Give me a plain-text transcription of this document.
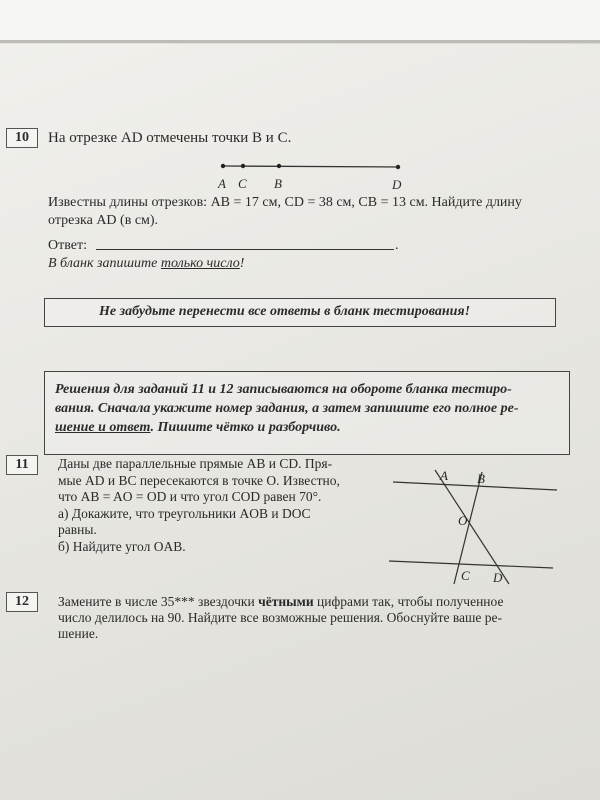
10	На отрезке AD отмечены точки B и C.
A C B	D
Известны длины отрезков: AB = 17 см, CD = 38 см, CB = 13 см. Найдите длину
отрезка AD (в см).
Ответ:	.
В бланк запишите только число!
Не забудьте перенести все ответы в бланк тестирования!
Решения для заданий 11 и 12 записываются на обороте бланка тестиро-
вания. Сначала укажите номер задания, а затем запишите его полное ре-
шение и ответ. Пишите чётко и разборчиво.
11	Даны две параллельные прямые AB и CD. Пря-
мые AD и BC пересекаются в точке O. Известно,
что AB = AO = OD и что угол COD равен 70°.
а) Докажите, что треугольники AOB и DOC
равны.
б) Найдите угол OAB.
A B
O
C D
12	Замените в числе 35*** звездочки чётными цифрами так, чтобы полученное
число делилось на 90. Найдите все возможные решения. Обоснуйте ваше ре-
шение.
